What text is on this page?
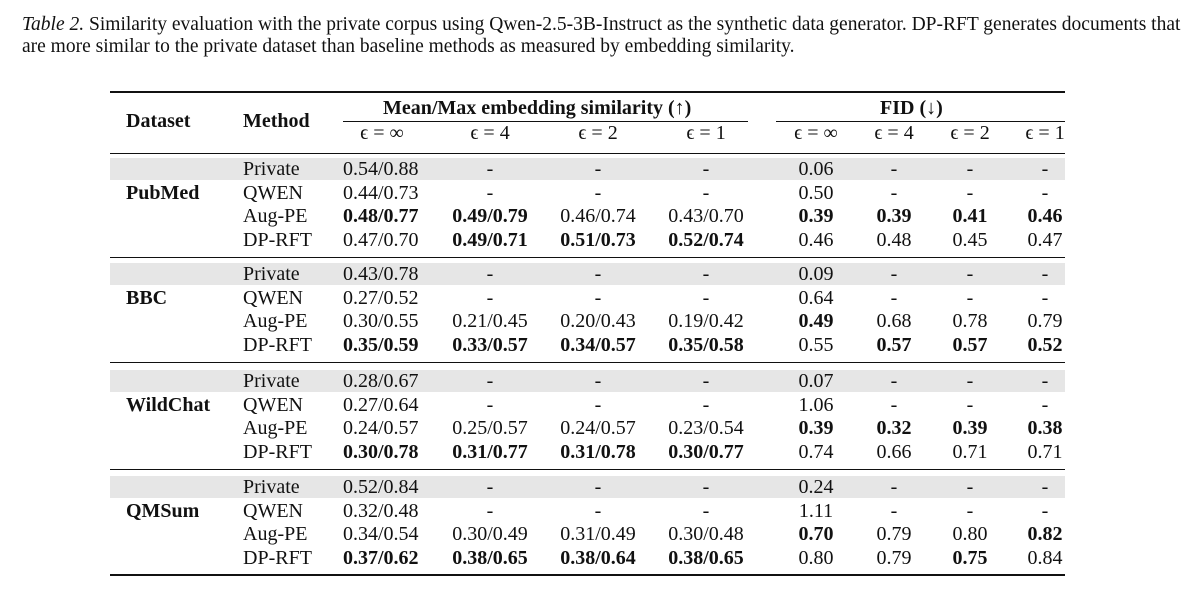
Table 2. Similarity evaluation with the private corpus using Qwen-2.5-3B-Instruct as the synthetic data generator. DP-RFT generates documents that are more similar to the private dataset than baseline methods as measured by embedding similarity.
Dataset	Method
Mean/Max embedding similarity (↑)	FID (↓)
ϵ = ∞	ϵ = 4	ϵ = 2	ϵ = 1	ϵ = ∞ ϵ = 4 ϵ = 2 ϵ = 1
PubMed
Private 0.54/0.88	-	-	-	0.06	-	-	-
QWEN 0.44/0.73	-	-	-	0.50	-	-	-
Aug-PE 0.48/0.77 0.49/0.79 0.46/0.74 0.43/0.70	0.39 0.39 0.41 0.46
DP-RFT 0.47/0.70 0.49/0.71 0.51/0.73 0.52/0.74	0.46 0.48 0.45 0.47
BBC
Private 0.43/0.78	-	-	-	0.09	-	-	-
QWEN 0.27/0.52	-	-	-	0.64	-	-	-
Aug-PE 0.30/0.55 0.21/0.45 0.20/0.43 0.19/0.42	0.49 0.68 0.78 0.79
DP-RFT 0.35/0.59 0.33/0.57 0.34/0.57 0.35/0.58	0.55 0.57 0.57 0.52
WildChat
Private 0.28/0.67	-	-	-	0.07	-	-	-
QWEN 0.27/0.64	-	-	-	1.06	-	-	-
Aug-PE 0.24/0.57 0.25/0.57 0.24/0.57 0.23/0.54	0.39 0.32 0.39 0.38
DP-RFT 0.30/0.78 0.31/0.77 0.31/0.78 0.30/0.77	0.74 0.66 0.71 0.71
QMSum
Private 0.52/0.84	-	-	-	0.24	-	-	-
QWEN 0.32/0.48	-	-	-	1.11	-	-	-
Aug-PE 0.34/0.54 0.30/0.49 0.31/0.49 0.30/0.48	0.70 0.79 0.80 0.82
DP-RFT 0.37/0.62 0.38/0.65 0.38/0.64 0.38/0.65	0.80 0.79 0.75 0.84
